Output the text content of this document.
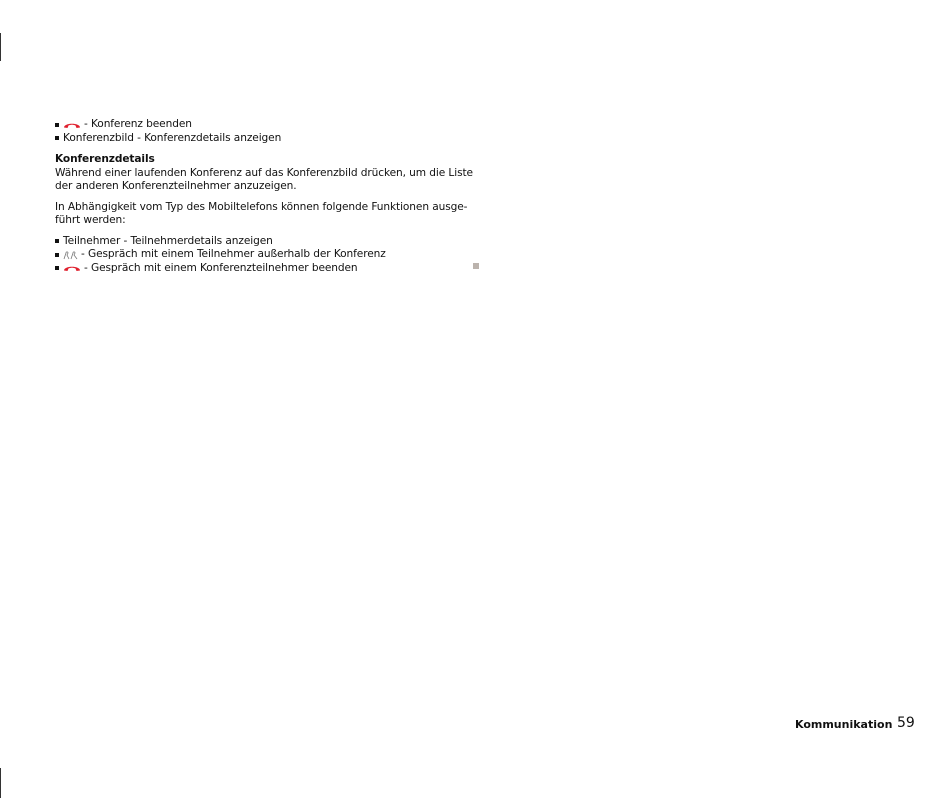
- Konferenz beenden
Konferenzbild - Konferenzdetails anzeigen

Konferenzdetails

Während einer laufenden Konferenz auf das Konferenzbild drücken, um die Liste der anderen Konferenzteilnehmer anzuzeigen.

In Abhängigkeit vom Typ des Mobiltelefons können folgende Funktionen ausge-führt werden:

Teilnehmer - Teilnehmerdetails anzeigen
- Gespräch mit einem Teilnehmer außerhalb der Konferenz
- Gespräch mit einem Konferenzteilnehmer beenden
Kommunikation 59
